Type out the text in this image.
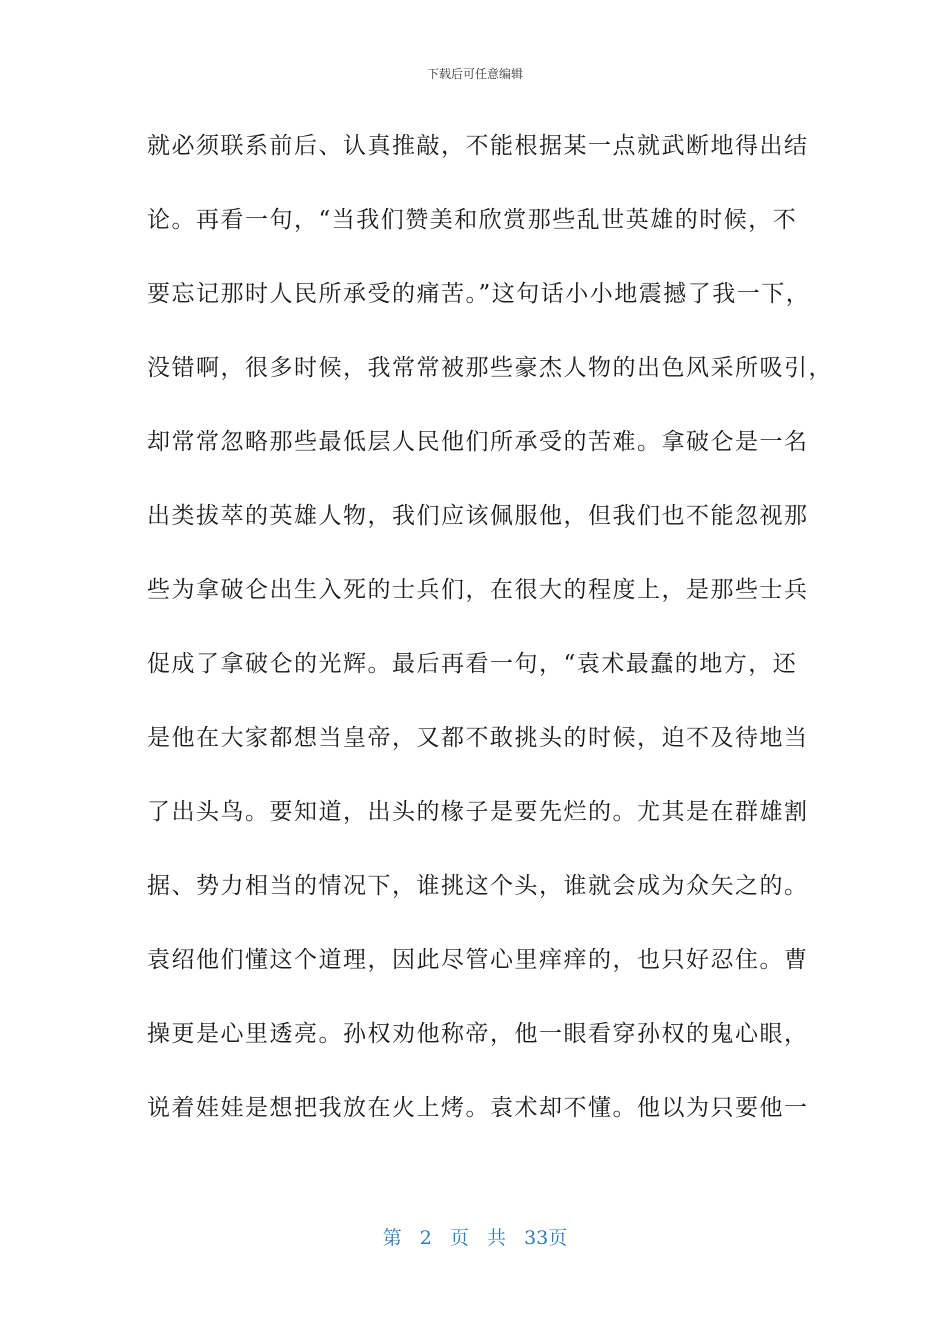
下载后可任意编辑
就必须联系前后、认真推敲，不能根据某一点就武断地得出结
论。再看一句，“当我们赞美和欣赏那些乱世英雄的时候，不
要忘记那时人民所承受的痛苦。”这句话小小地震撼了我一下，
没错啊，很多时候，我常常被那些豪杰人物的出色风采所吸引，
却常常忽略那些最低层人民他们所承受的苦难。拿破仑是一名
出类拔萃的英雄人物，我们应该佩服他，但我们也不能忽视那
些为拿破仑出生入死的士兵们，在很大的程度上，是那些士兵
促成了拿破仑的光辉。最后再看一句，“袁术最蠢的地方，还
是他在大家都想当皇帝，又都不敢挑头的时候，迫不及待地当
了出头鸟。要知道，出头的椽子是要先烂的。尤其是在群雄割
据、势力相当的情况下，谁挑这个头，谁就会成为众矢之的。
袁绍他们懂这个道理，因此尽管心里痒痒的，也只好忍住。曹
操更是心里透亮。孙权劝他称帝，他一眼看穿孙权的鬼心眼，
说着娃娃是想把我放在火上烤。袁术却不懂。他以为只要他一
第 2 页 共 33页
